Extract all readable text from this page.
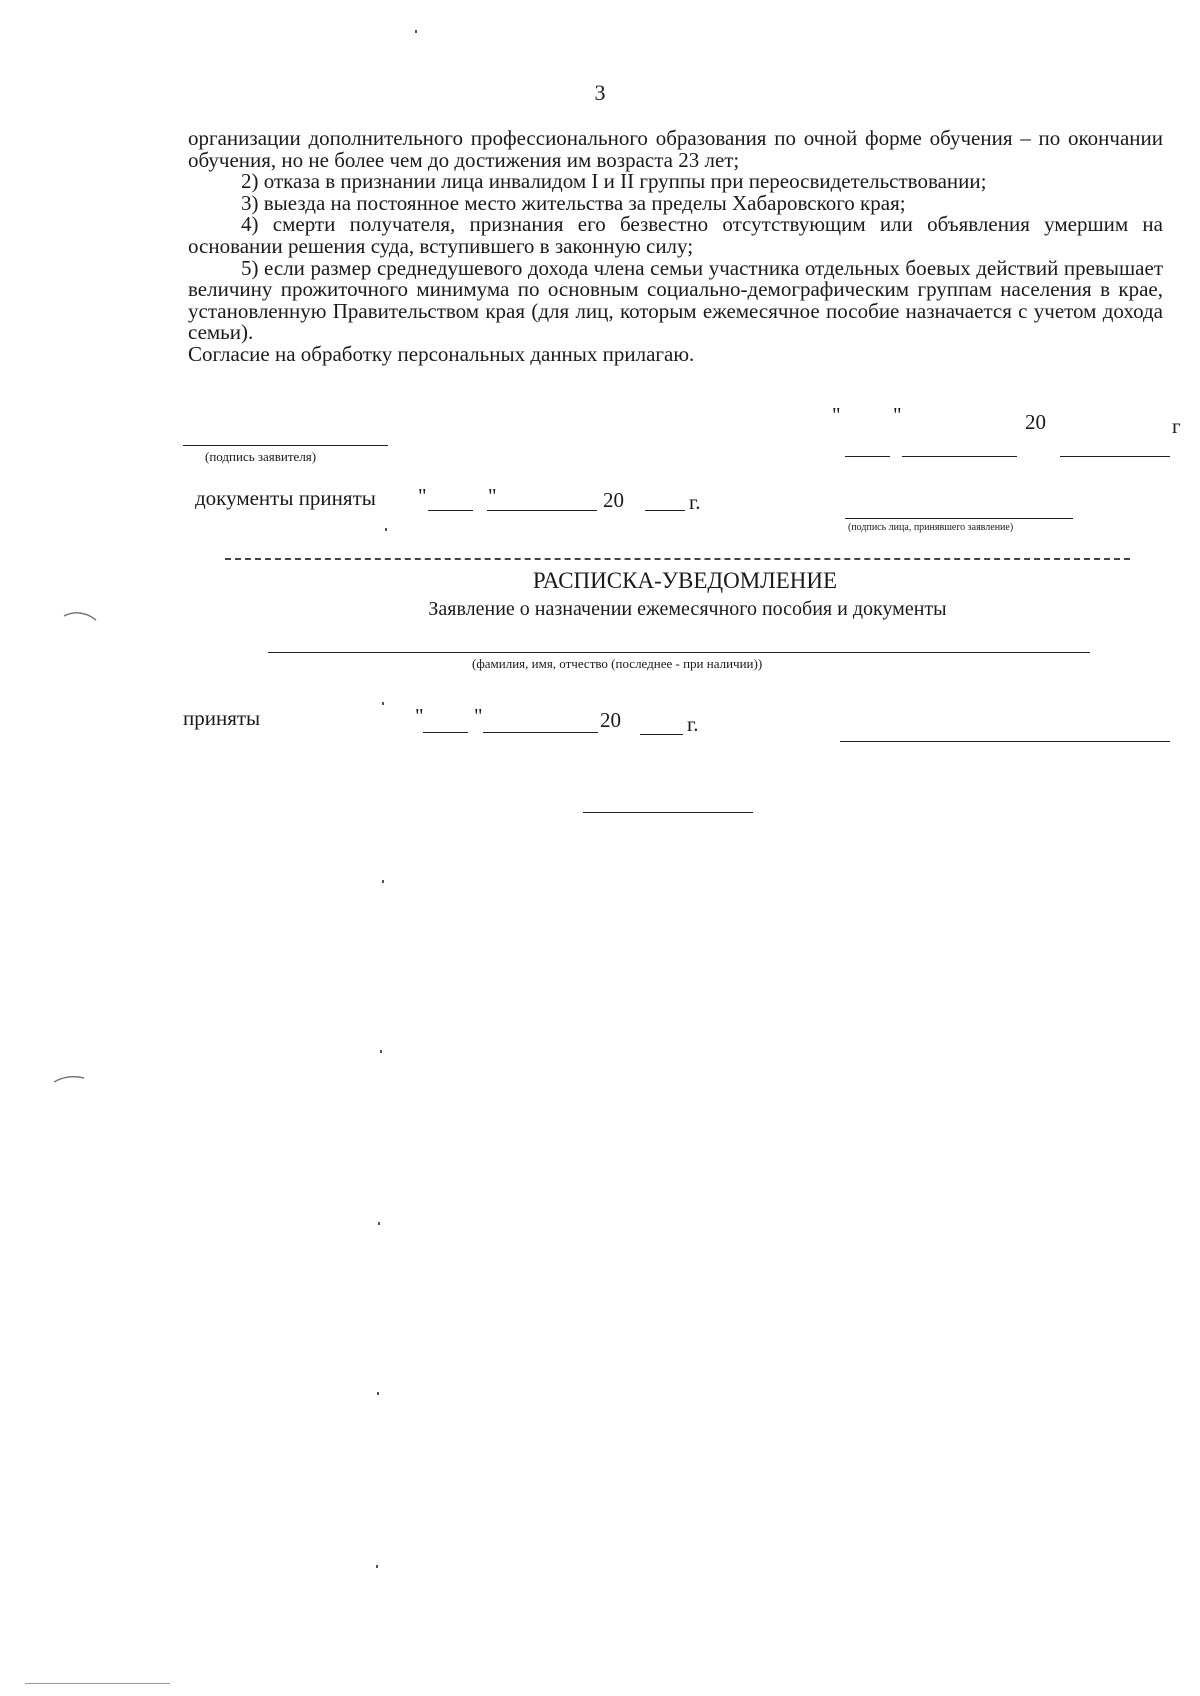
3

организации дополнительного профессионального образования по очной форме обучения – по окончании обучения, но не более чем до достижения им возраста 23 лет;

2) отказа в признании лица инвалидом I и II группы при переосвидетельствовании;

3) выезда на постоянное место жительства за пределы Хабаровского края;

4) смерти получателя, признания его безвестно отсутствующим или объявления умершим на основании решения суда, вступившего в законную силу;

5) если размер среднедушевого дохода члена семьи участника отдельных боевых действий превышает величину прожиточного минимума по основным социально-демографическим группам населения в крае, установленную Правительством края (для лиц, которым ежемесячное пособие назначается с учетом дохода семьи).

Согласие на обработку персональных данных прилагаю.

" "	20	г
(подпись заявителя)
документы приняты "	"	20	г.
(подпись лица, принявшего заявление)
РАСПИСКА-УВЕДОМЛЕНИЕ
Заявление о назначении ежемесячного пособия и документы
(фамилия, имя, отчество (последнее - при наличии))
приняты	" "	20	г.
